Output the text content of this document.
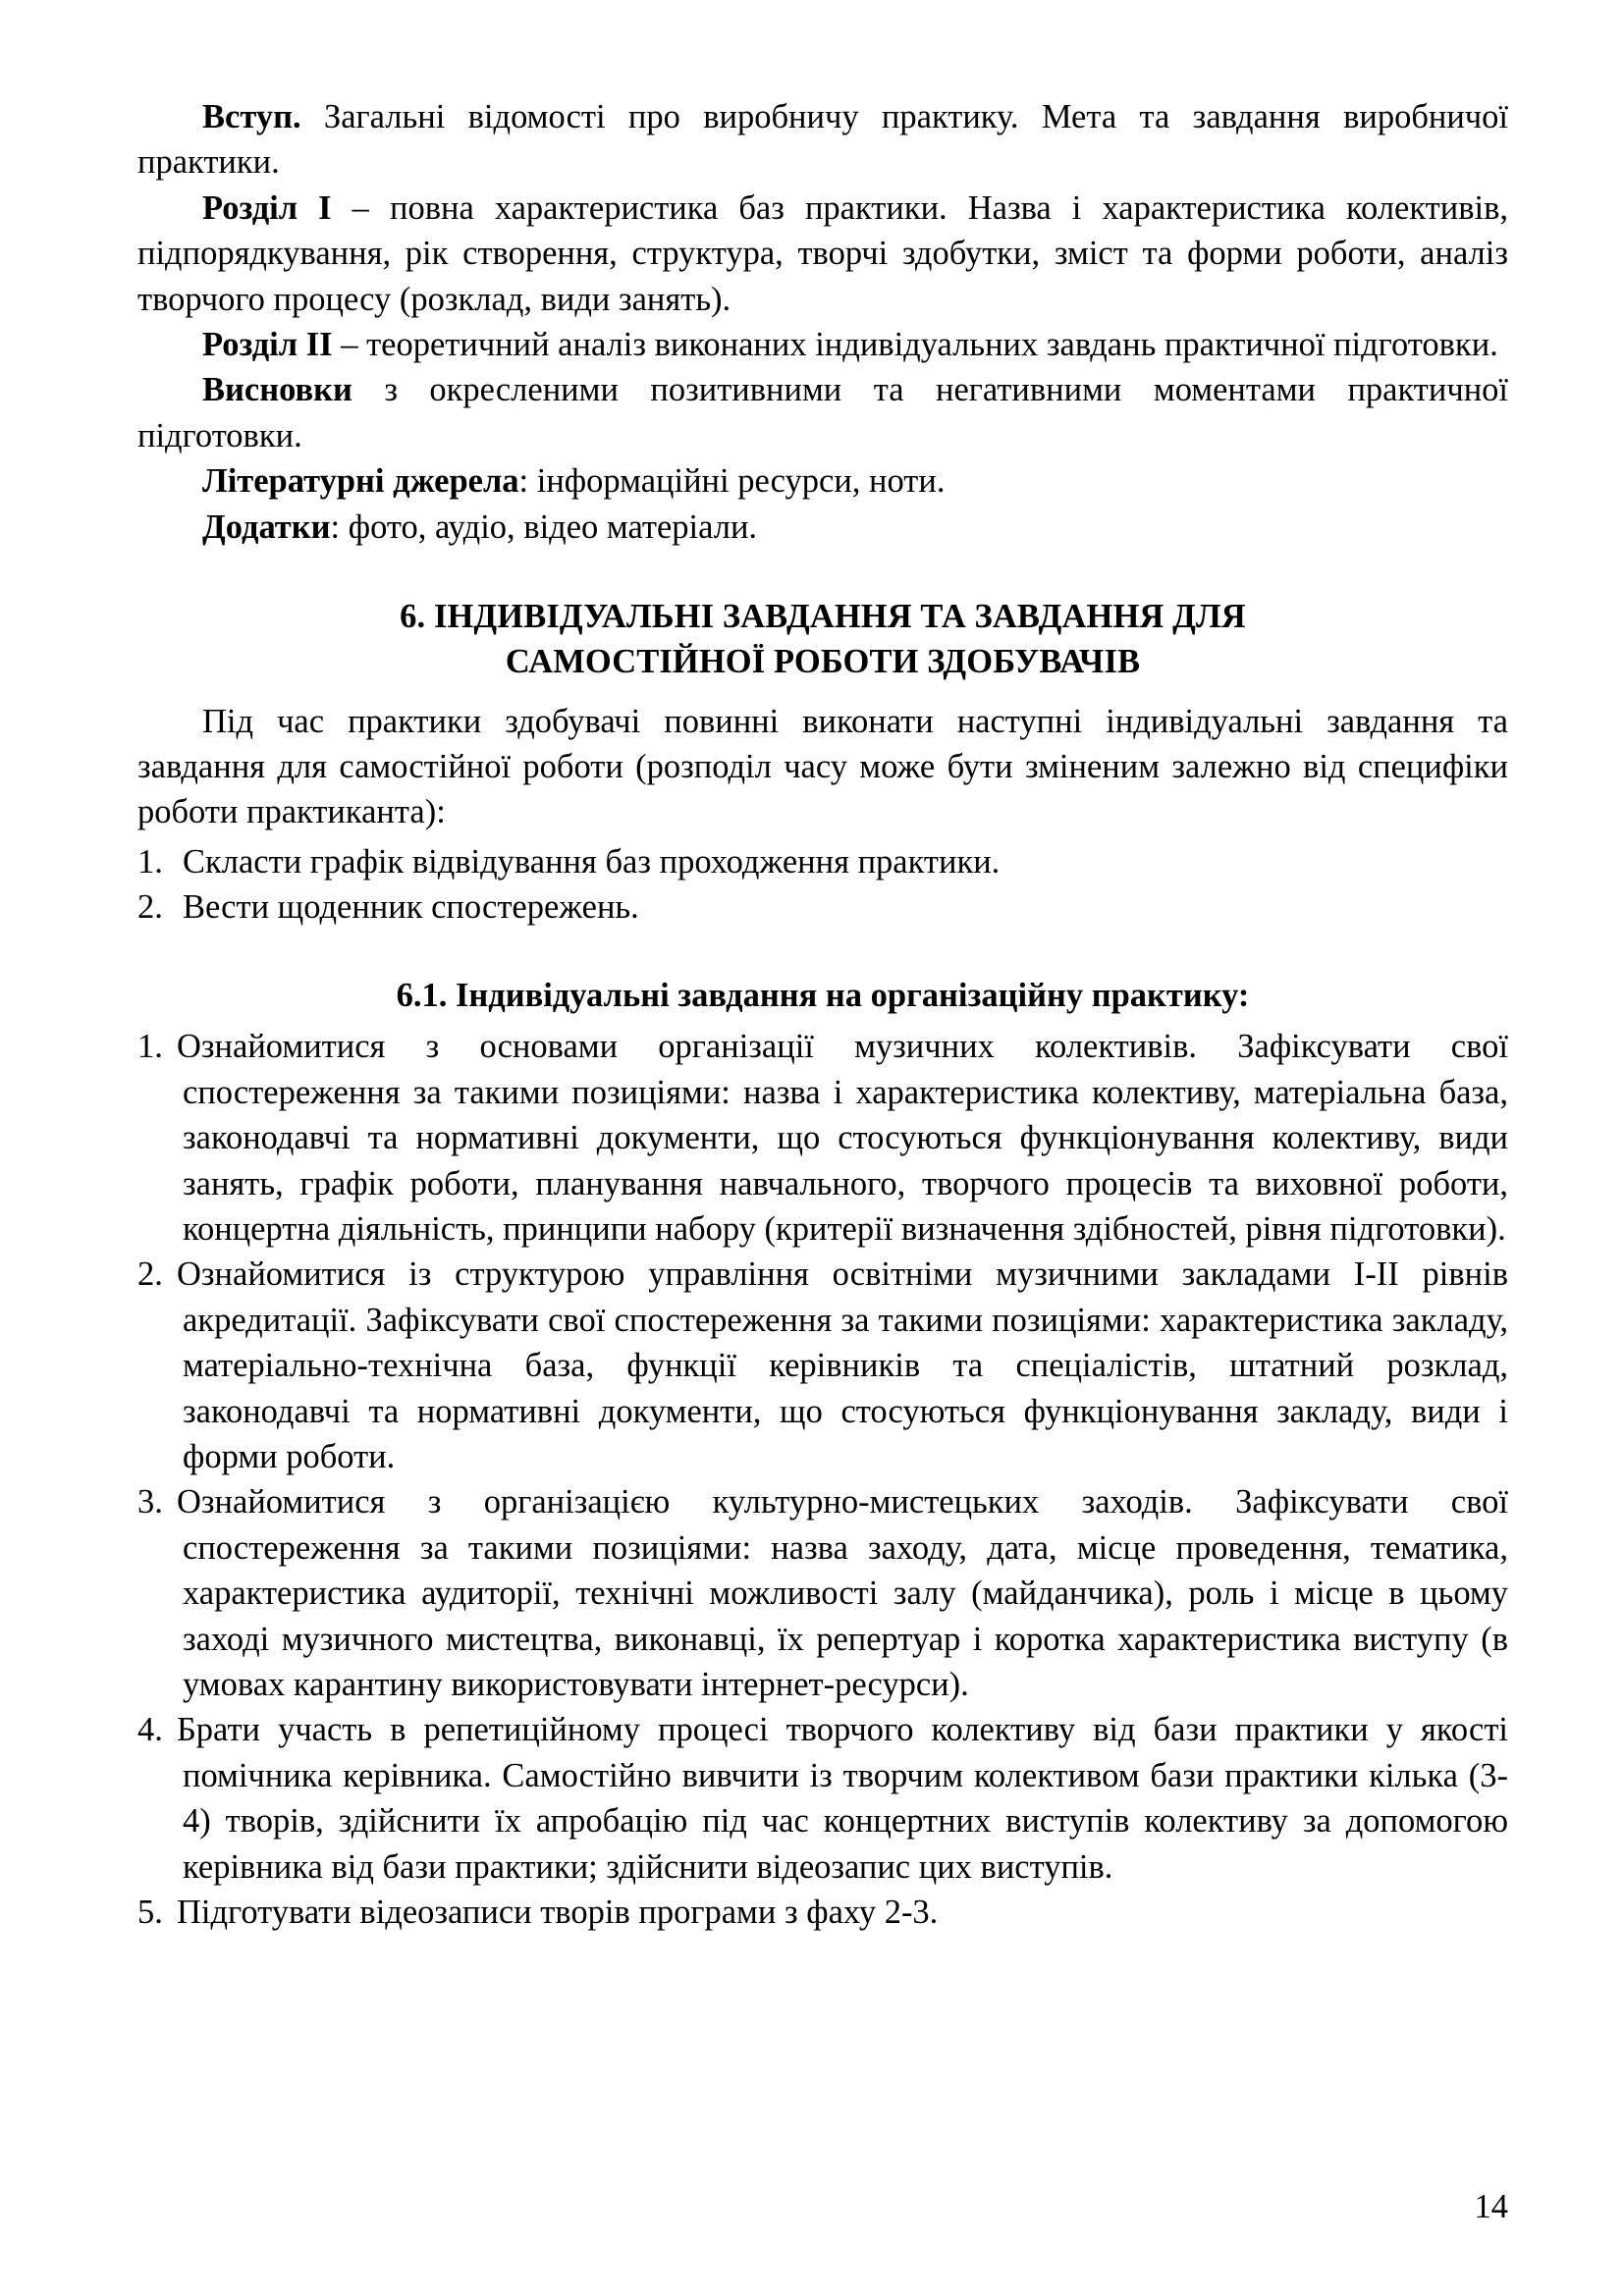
Вступ. Загальні відомості про виробничу практику. Мета та завдання виробничої практики.

Розділ I – повна характеристика баз практики. Назва і характеристика колективів, підпорядкування, рік створення, структура, творчі здобутки, зміст та форми роботи, аналіз творчого процесу (розклад, види занять).

Розділ II – теоретичний аналіз виконаних індивідуальних завдань практичної підготовки.

Висновки з окресленими позитивними та негативними моментами практичної підготовки.

Літературні джерела: інформаційні ресурси, ноти.

Додатки: фото, аудіо, відео матеріали.

6. ІНДИВІДУАЛЬНІ ЗАВДАННЯ ТА ЗАВДАННЯ ДЛЯ
САМОСТІЙНОЇ РОБОТИ ЗДОБУВАЧІВ

Під час практики здобувачі повинні виконати наступні індивідуальні завдання та завдання для самостійної роботи (розподіл часу може бути зміненим залежно від специфіки роботи практиканта):

1. Скласти графік відвідування баз проходження практики.
2. Вести щоденник спостережень.
6.1. Індивідуальні завдання на організаційну практику:
1. Ознайомитися з основами організації музичних колективів. Зафіксувати свої спостереження за такими позиціями: назва і характеристика колективу, матеріальна база, законодавчі та нормативні документи, що стосуються функціонування колективу, види занять, графік роботи, планування навчального, творчого процесів та виховної роботи, концертна діяльність, принципи набору (критерії визначення здібностей, рівня підготовки).
2. Ознайомитися із структурою управління освітніми музичними закладами I-II рівнів акредитації. Зафіксувати свої спостереження за такими позиціями: характеристика закладу, матеріально-технічна база, функції керівників та спеціалістів, штатний розклад, законодавчі та нормативні документи, що стосуються функціонування закладу, види і форми роботи.
3. Ознайомитися з організацією культурно-мистецьких заходів. Зафіксувати свої спостереження за такими позиціями: назва заходу, дата, місце проведення, тематика, характеристика аудиторії, технічні можливості залу (майданчика), роль і місце в цьому заході музичного мистецтва, виконавці, їх репертуар і коротка характеристика виступу (в умовах карантину використовувати інтернет-ресурси).
4. Брати участь в репетиційному процесі творчого колективу від бази практики у якості помічника керівника. Самостійно вивчити із творчим колективом бази практики кілька (3-4) творів, здійснити їх апробацію під час концертних виступів колективу за допомогою керівника від бази практики; здійснити відеозапис цих виступів.
5. Підготувати відеозаписи творів програми з фаху 2-3.
14
